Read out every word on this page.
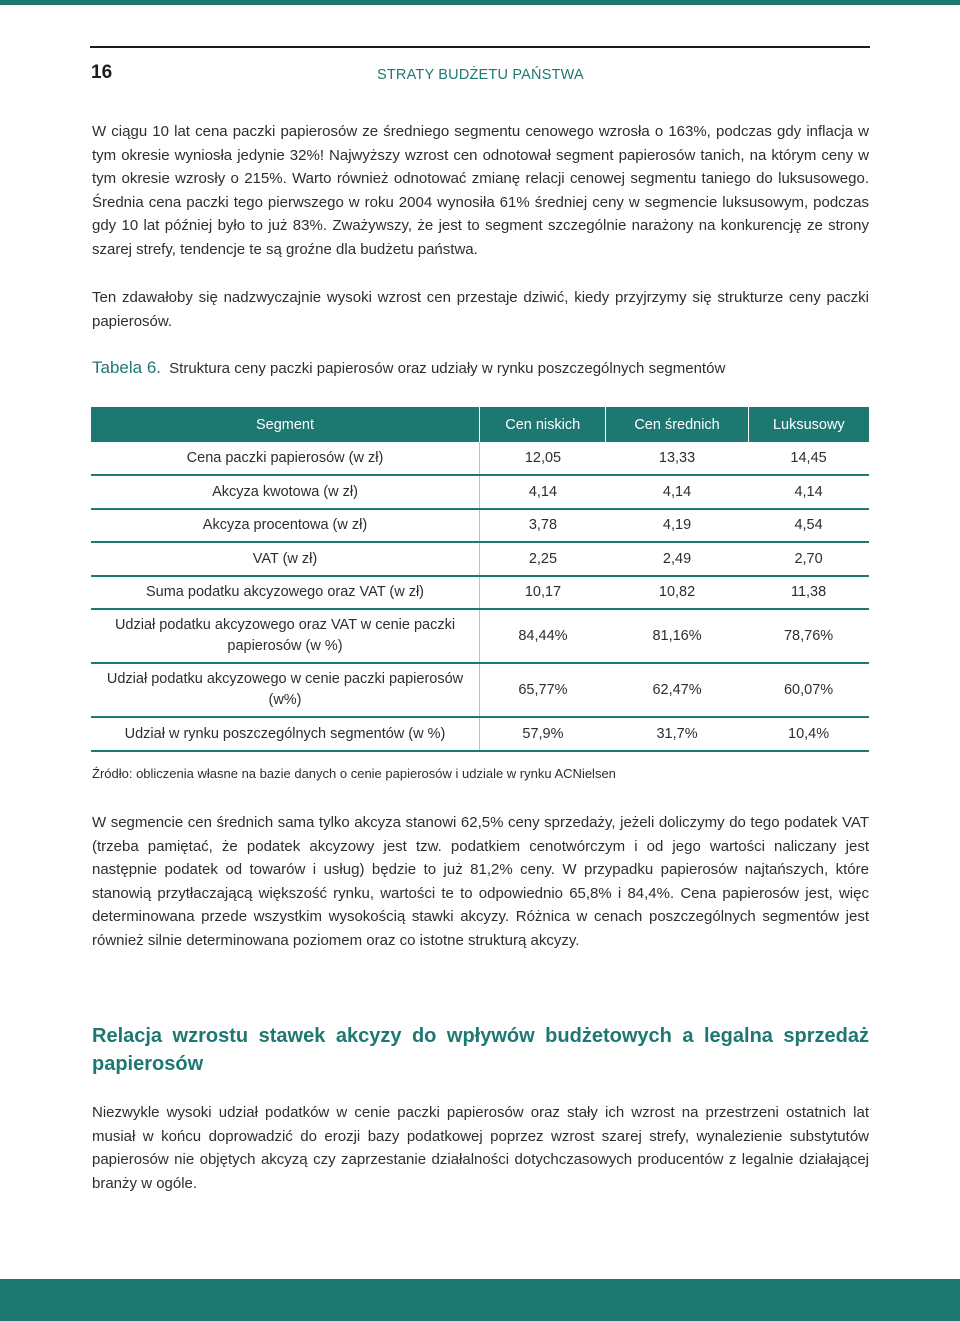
16	STRATY BUDŻETU PAŃSTWA

W ciągu 10 lat cena paczki papierosów ze średniego segmentu cenowego wzrosła o 163%, podczas gdy inflacja w tym okresie wyniosła jedynie 32%! Najwyższy wzrost cen odnotował segment papierosów tanich, na którym ceny w tym okresie wzrosły o 215%. Warto również odnotować zmianę relacji cenowej segmentu taniego do luksusowego. Średnia cena paczki tego pierwszego w roku 2004 wynosiła 61% średniej ceny w segmencie luksusowym, podczas gdy 10 lat później było to już 83%. Zważywszy, że jest to segment szczególnie narażony na konkurencję ze strony szarej strefy, tendencje te są groźne dla budżetu państwa.

Ten zdawałoby się nadzwyczajnie wysoki wzrost cen przestaje dziwić, kiedy przyjrzymy się strukturze ceny paczki papierosów.

Tabela 6. Struktura ceny paczki papierosów oraz udziały w rynku poszczególnych segmentów
Segment	Cen niskich	Cen średnich	Luksusowy
Cena paczki papierosów (w zł)	12,05	13,33	14,45
Akcyza kwotowa (w zł)	4,14	4,14	4,14
Akcyza procentowa (w zł)	3,78	4,19	4,54
VAT (w zł)	2,25	2,49	2,70
Suma podatku akcyzowego oraz VAT (w zł)	10,17	10,82	11,38
Udział podatku akcyzowego oraz VAT w cenie paczki papierosów (w %)	84,44%	81,16%	78,76%
Udział podatku akcyzowego w cenie paczki papierosów (w%)	65,77%	62,47%	60,07%
Udział w rynku poszczególnych segmentów (w %)	57,9%	31,7%	10,4%
Źródło: obliczenia własne na bazie danych o cenie papierosów i udziale w rynku ACNielsen

W segmencie cen średnich sama tylko akcyza stanowi 62,5% ceny sprzedaży, jeżeli doliczymy do tego podatek VAT (trzeba pamiętać, że podatek akcyzowy jest tzw. podatkiem cenotwórczym i od jego wartości naliczany jest następnie podatek od towarów i usług) będzie to już 81,2% ceny. W przypadku papierosów najtańszych, które stanowią przytłaczającą większość rynku, wartości te to odpowiednio 65,8% i 84,4%. Cena papierosów jest, więc determinowana przede wszystkim wysokością stawki akcyzy. Różnica w cenach poszczególnych segmentów jest również silnie determinowana poziomem oraz co istotne strukturą akcyzy.

Relacja wzrostu stawek akcyzy do wpływów budżetowych a legalna sprzedaż papierosów

Niezwykle wysoki udział podatków w cenie paczki papierosów oraz stały ich wzrost na przestrzeni ostatnich lat musiał w końcu doprowadzić do erozji bazy podatkowej poprzez wzrost szarej strefy, wynalezienie substytutów papierosów nie objętych akcyzą czy zaprzestanie działalności dotychczasowych producentów z legalnie działającej branży w ogóle.
